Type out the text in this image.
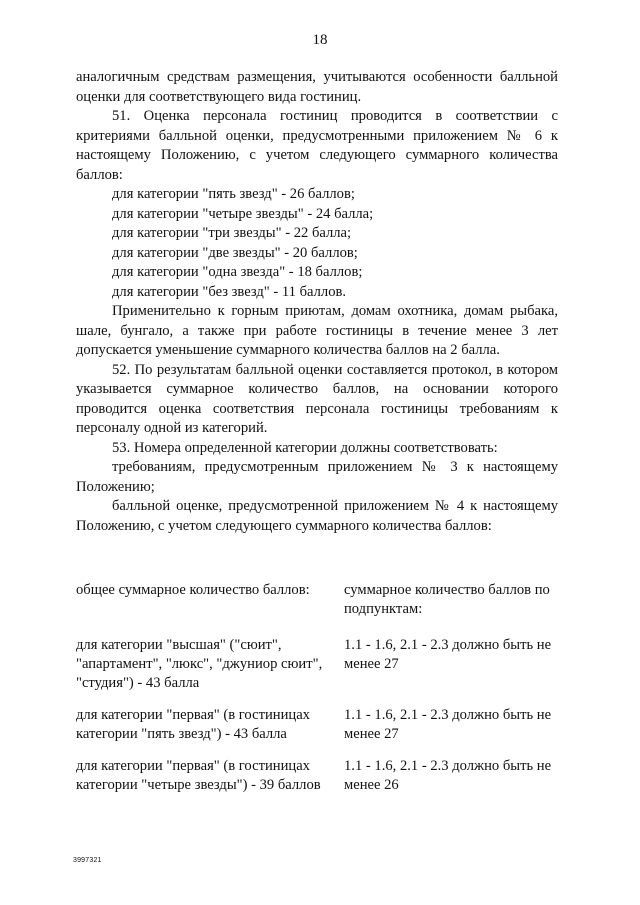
18

аналогичным средствам размещения, учитываются особенности балльной оценки для соответствующего вида гостиниц.

51. Оценка персонала гостиниц проводится в соответствии с критериями балльной оценки, предусмотренными приложением № 6 к настоящему Положению, с учетом следующего суммарного количества баллов:

для категории "пять звезд" - 26 баллов;

для категории "четыре звезды" - 24 балла;

для категории "три звезды" - 22 балла;

для категории "две звезды" - 20 баллов;

для категории "одна звезда" - 18 баллов;

для категории "без звезд" - 11 баллов.

Применительно к горным приютам, домам охотника, домам рыбака, шале, бунгало, а также при работе гостиницы в течение менее 3 лет допускается уменьшение суммарного количества баллов на 2 балла.

52. По результатам балльной оценки составляется протокол, в котором указывается суммарное количество баллов, на основании которого проводится оценка соответствия персонала гостиницы требованиям к персоналу одной из категорий.

53. Номера определенной категории должны соответствовать:

требованиям, предусмотренным приложением № 3 к настоящему Положению;

балльной оценке, предусмотренной приложением № 4 к настоящему Положению, с учетом следующего суммарного количества баллов:

общее суммарное количество баллов:	суммарное количество баллов по подпунктам:
для категории "высшая" ("сюит", "апартамент", "люкс", "джуниор сюит", "студия") - 43 балла
1.1 - 1.6, 2.1 - 2.3 должно быть не менее 27
для категории "первая" (в гостиницах категории "пять звезд") - 43 балла
1.1 - 1.6, 2.1 - 2.3 должно быть не менее 27
для категории "первая" (в гостиницах категории "четыре звезды") - 39 баллов
1.1 - 1.6, 2.1 - 2.3 должно быть не менее 26
3997321
